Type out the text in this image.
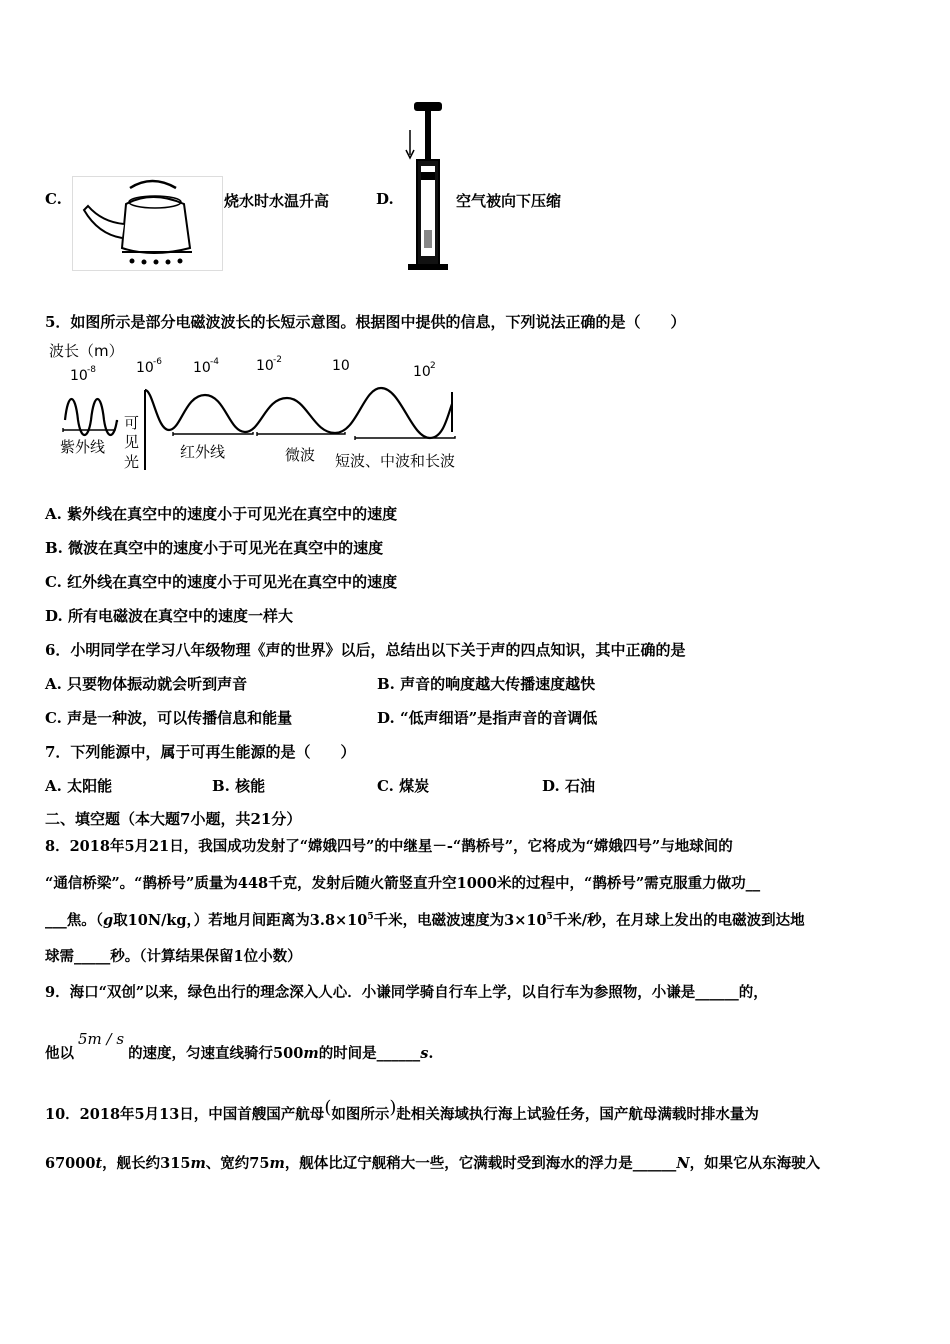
C.	烧水时水温升高	D.	空气被向下压缩
5．如图所示是部分电磁波波长的长短示意图。根据图中提供的信息，下列说法正确的是（　　）
波长（m）
10 -8	10 -6 10 -4	10 -2	10	10 2
紫外线
可
见
光
红外线	微波 短波、中波和长波
A. 紫外线在真空中的速度小于可见光在真空中的速度
B. 微波在真空中的速度小于可见光在真空中的速度
C. 红外线在真空中的速度小于可见光在真空中的速度
D. 所有电磁波在真空中的速度一样大
6．小明同学在学习八年级物理《声的世界》以后，总结出以下关于声的四点知识，其中正确的是
A. 只要物体振动就会听到声音	B. 声音的响度越大传播速度越快
C. 声是一种波，可以传播信息和能量	D. “低声细语”是指声音的音调低
7．下列能源中，属于可再生能源的是（　　）
A. 太阳能	B. 核能	C. 煤炭	D. 石油
二、填空题（本大题7小题，共21分）
8．2018年5月21日，我国成功发射了“嫦娥四号”的中继星－-“鹊桥号”，它将成为“嫦娥四号”与地球间的
“通信桥梁”。“鹊桥号”质量为448千克，发射后随火箭竖直升空1000米的过程中，“鹊桥号”需克服重力做功__
___焦。（g取10N/kg，）若地月间距离为$3.8\times 10^5$千米，电磁波速度为$3\times 10^5$千米/秒，在月球上发出的电磁波到达地
球需_____秒。（计算结果保留1位小数）
9．海口“双创”以来，绿色出行的理念深入人心．小谦同学骑自行车上学，以自行车为参照物，小谦是______的，
他以5m / s的速度，匀速直线骑行500m的时间是______s.
10．2018年5月13日，中国首艘国产航母(如图所示)赴相关海域执行海上试验任务，国产航母满载时排水量为
67000t，舰长约315m、宽约75m，舰体比辽宁舰稍大一些，它满载时受到海水的浮力是______N，如果它从东海驶入
